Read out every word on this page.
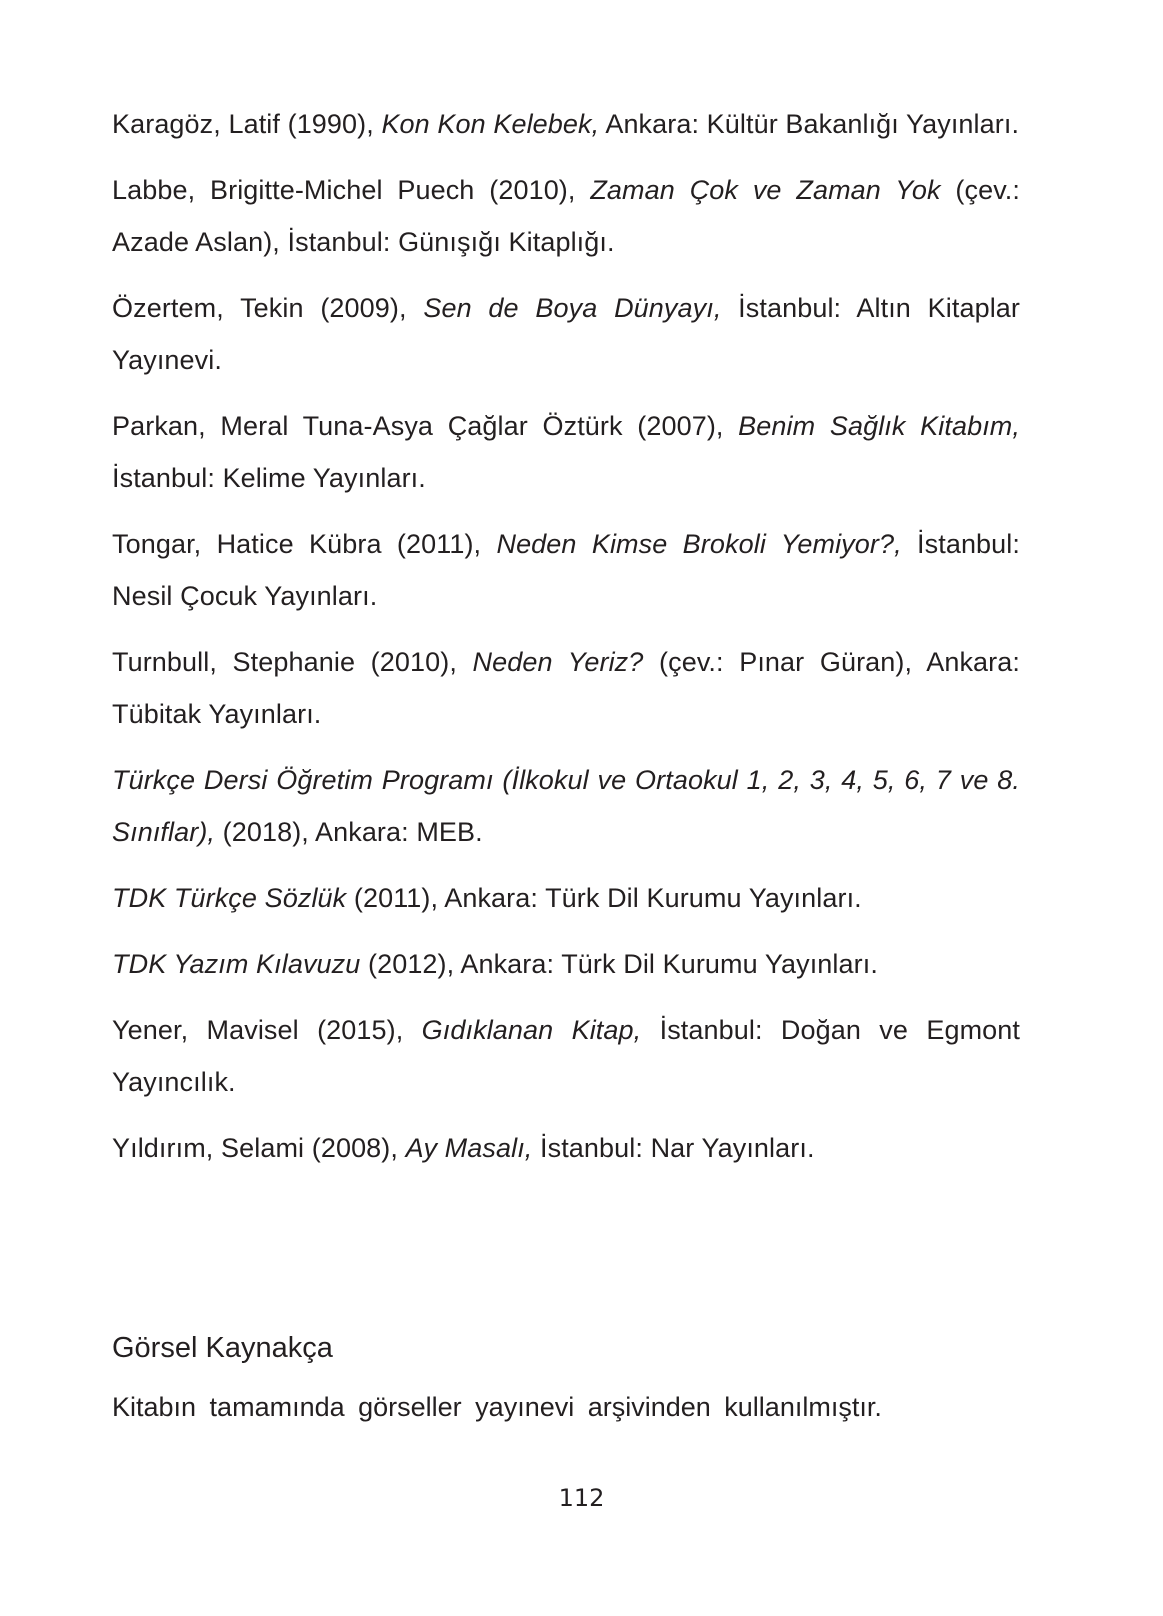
Karagöz, Latif (1990), Kon Kon Kelebek, Ankara: Kültür Bakanlığı Yayınları.

Labbe, Brigitte-Michel Puech (2010), Zaman Çok ve Zaman Yok (çev.: Azade Aslan), İstanbul: Günışığı Kitaplığı.

Özertem, Tekin (2009), Sen de Boya Dünyayı, İstanbul: Altın Kitaplar Yayınevi.

Parkan, Meral Tuna-Asya Çağlar Öztürk (2007), Benim Sağlık Kitabım, İstanbul: Kelime Yayınları.

Tongar, Hatice Kübra (2011), Neden Kimse Brokoli Yemiyor?, İstanbul: Nesil Çocuk Yayınları.

Turnbull, Stephanie (2010), Neden Yeriz? (çev.: Pınar Güran), Ankara: Tübitak Yayınları.

Türkçe Dersi Öğretim Programı (İlkokul ve Ortaokul 1, 2, 3, 4, 5, 6, 7 ve 8. Sınıflar), (2018), Ankara: MEB.

TDK Türkçe Sözlük (2011), Ankara: Türk Dil Kurumu Yayınları.

TDK Yazım Kılavuzu (2012), Ankara: Türk Dil Kurumu Yayınları.

Yener, Mavisel (2015), Gıdıklanan Kitap, İstanbul: Doğan ve Egmont Yayıncılık.

Yıldırım, Selami (2008), Ay Masalı, İstanbul: Nar Yayınları.

Görsel Kaynakça

Kitabın tamamında görseller yayınevi arşivinden kullanılmıştır.

112
